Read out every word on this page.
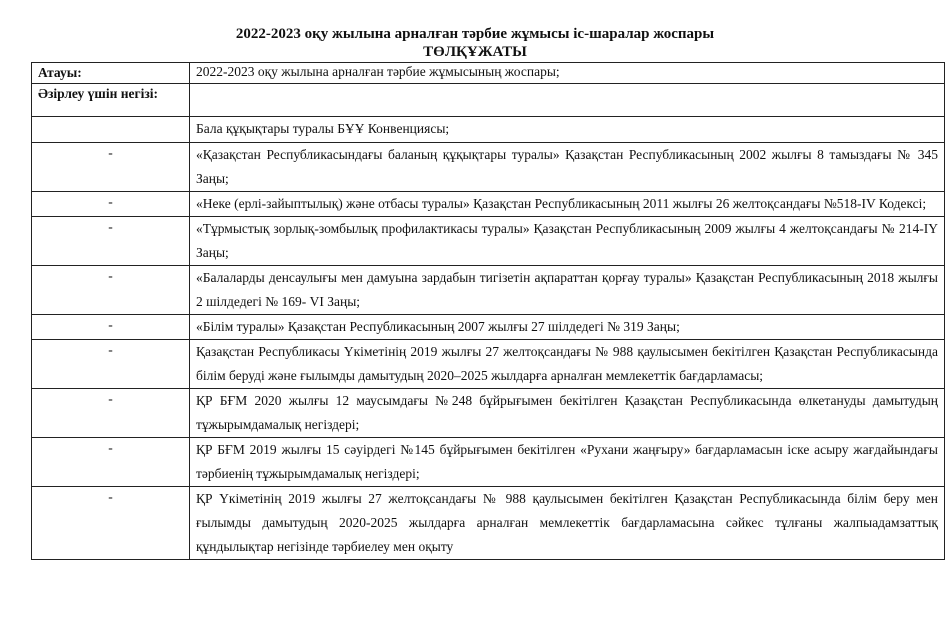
2022-2023 оқу жылына арналған тәрбие жұмысы іс-шаралар жоспары

ТӨЛҚҰЖАТЫ

Атауы:	2022-2023 оқу жылына арналған тәрбие жұмысының жоспары;
Әзірлеу үшін негізі:	
	Бала құқықтары туралы БҰҰ Конвенциясы;
-	«Қазақстан Республикасындағы баланың құқықтары туралы» Қазақстан Республикасының 2002 жылғы 8 тамыздағы № 345 Заңы;
-	«Неке (ерлі-зайыптылық) және отбасы туралы» Қазақстан Республикасының 2011 жылғы 26 желтоқсандағы №518-IV Кодексі;
-	«Тұрмыстық зорлық-зомбылық профилактикасы туралы» Қазақстан Республикасының 2009 жылғы 4 желтоқсандағы № 214-IY Заңы;
-	«Балаларды денсаулығы мен дамуына зардабын тигізетін ақпараттан қорғау туралы» Қазақстан Республикасының 2018 жылғы 2 шілдедегі № 169- VI Заңы;
-	«Білім туралы» Қазақстан Республикасының 2007 жылғы 27 шілдедегі № 319 Заңы;
-	Қазақстан Республикасы Үкіметінің 2019 жылғы 27 желтоқсандағы № 988 қаулысымен бекітілген Қазақстан Республикасында білім беруді және ғылымды дамытудың 2020–2025 жылдарға арналған мемлекеттік бағдарламасы;
-	ҚР БҒМ 2020 жылғы 12 маусымдағы №248 бұйрығымен бекітілген Қазақстан Республикасында өлкетануды дамытудың тұжырымдамалық негіздері;
-	ҚР БҒМ 2019 жылғы 15 сәуірдегі №145 бұйрығымен бекітілген «Рухани жаңғыру» бағдарламасын іске асыру жағдайындағы тәрбиенің тұжырымдамалық негіздері;
-	ҚР Үкіметінің 2019 жылғы 27 желтоқсандағы № 988 қаулысымен бекітілген Қазақстан Республикасында білім беру мен ғылымды дамытудың 2020-2025 жылдарға арналған мемлекеттік бағдарламасына сәйкес тұлғаны жалпыадамзаттық құндылықтар негізінде тәрбиелеу мен оқыту
